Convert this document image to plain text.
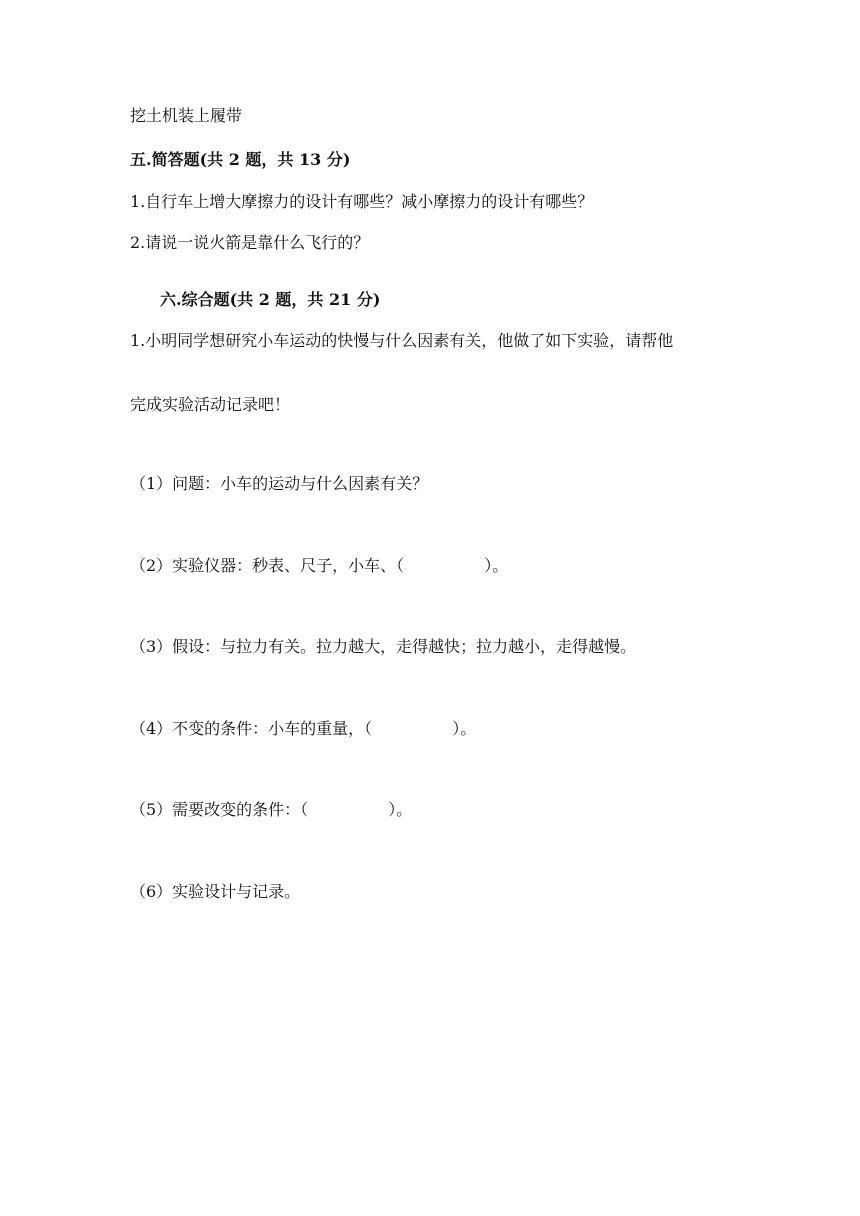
挖土机装上履带
五.简答题(共 2 题，共 13 分)
1.自行车上增大摩擦力的设计有哪些？减小摩擦力的设计有哪些？
2.请说一说火箭是靠什么飞行的？
六.综合题(共 2 题，共 21 分)
1.小明同学想研究小车运动的快慢与什么因素有关，他做了如下实验，请帮他
完成实验活动记录吧！
（1）问题：小车的运动与什么因素有关？
（2）实验仪器：秒表、尺子，小车、（	）。
（3）假设：与拉力有关。拉力越大，走得越快；拉力越小，走得越慢。
（4）不变的条件：小车的重量，（	）。
（5）需要改变的条件：（	）。
（6）实验设计与记录。
